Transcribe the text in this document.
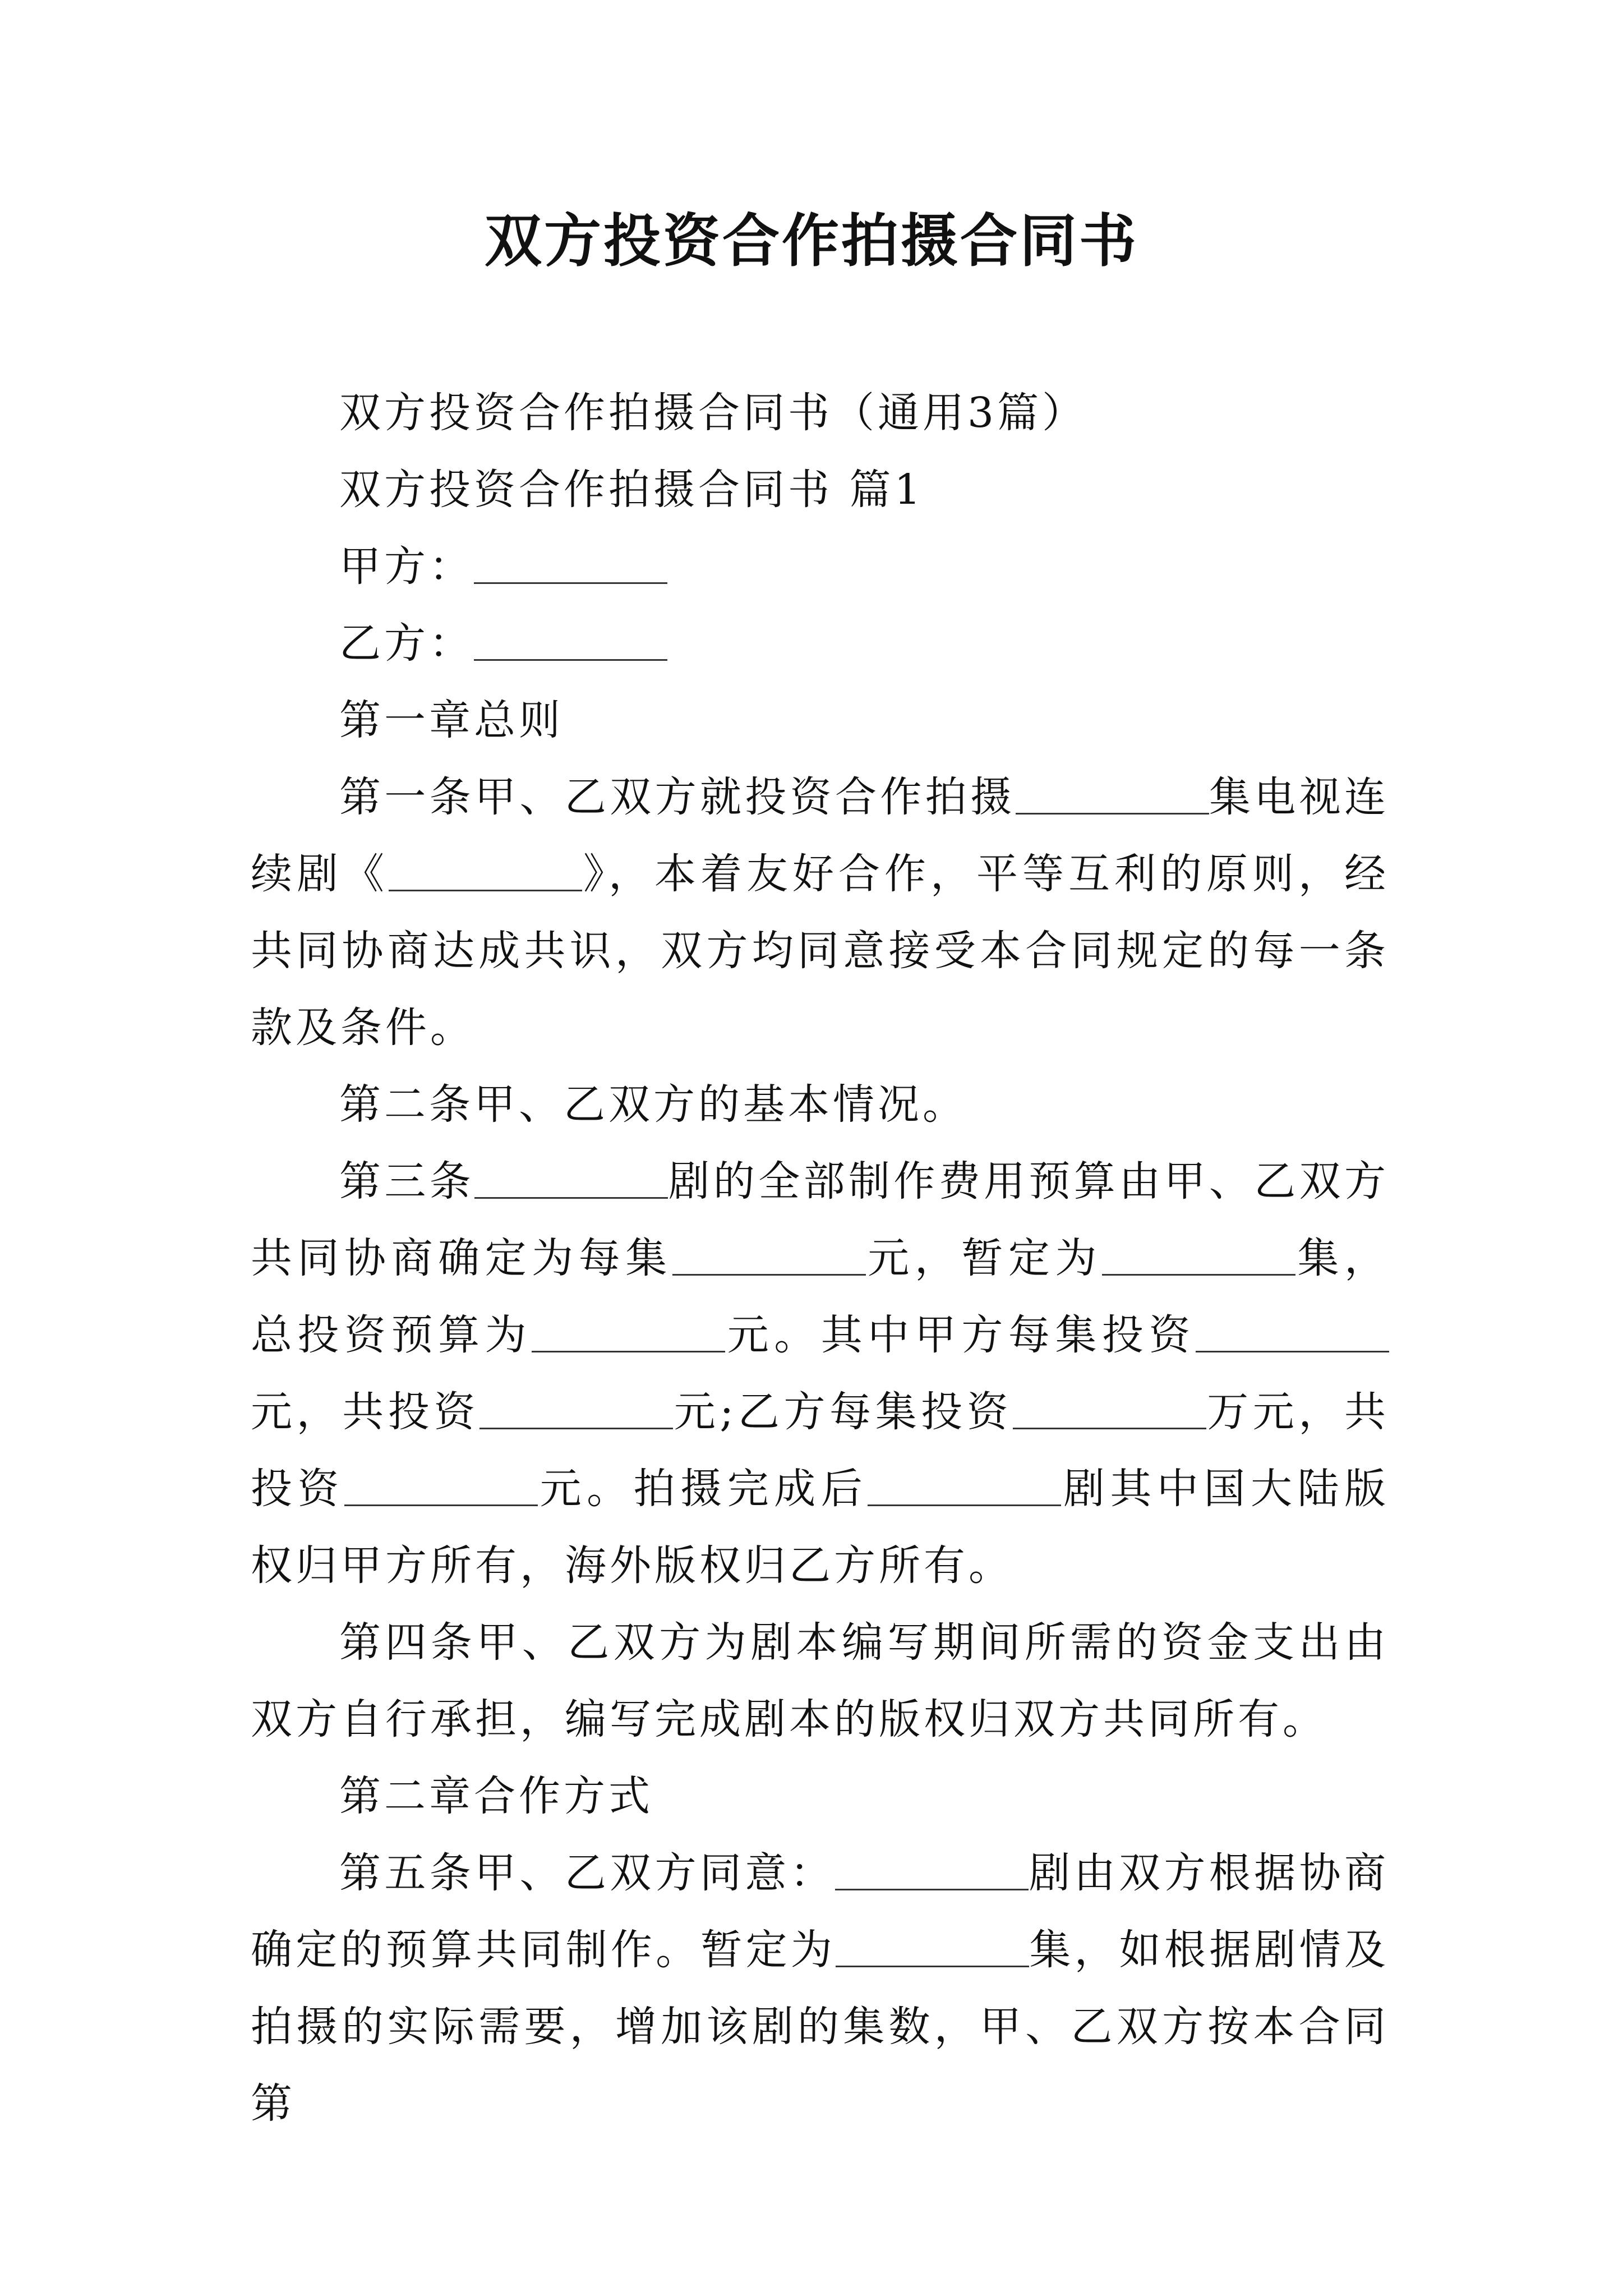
双方投资合作拍摄合同书

双方投资合作拍摄合同书（通用3篇）

双方投资合作拍摄合同书 篇1

甲方：

乙方：

第一章总则

第一条甲、乙双方就投资合作拍摄	集电视连续剧《	》，本着友好合作，平等互利的原则，经共同协商达成共识，双方均同意接受本合同规定的每一条款及条件。

第二条甲、乙双方的基本情况。

第三条	剧的全部制作费用预算由甲、乙双方共同协商确定为每集	元，暂定为	集，总投资预算为	元。其中甲方每集投资元，共投资	元;乙方每集投资	万元，共投资	元。拍摄完成后	剧其中国大陆版权归甲方所有，海外版权归乙方所有。

第四条甲、乙双方为剧本编写期间所需的资金支出由双方自行承担，编写完成剧本的版权归双方共同所有。

第二章合作方式

第五条甲、乙双方同意：	剧由双方根据协商确定的预算共同制作。暂定为	集，如根据剧情及拍摄的实际需要，增加该剧的集数，甲、乙双方按本合同第
